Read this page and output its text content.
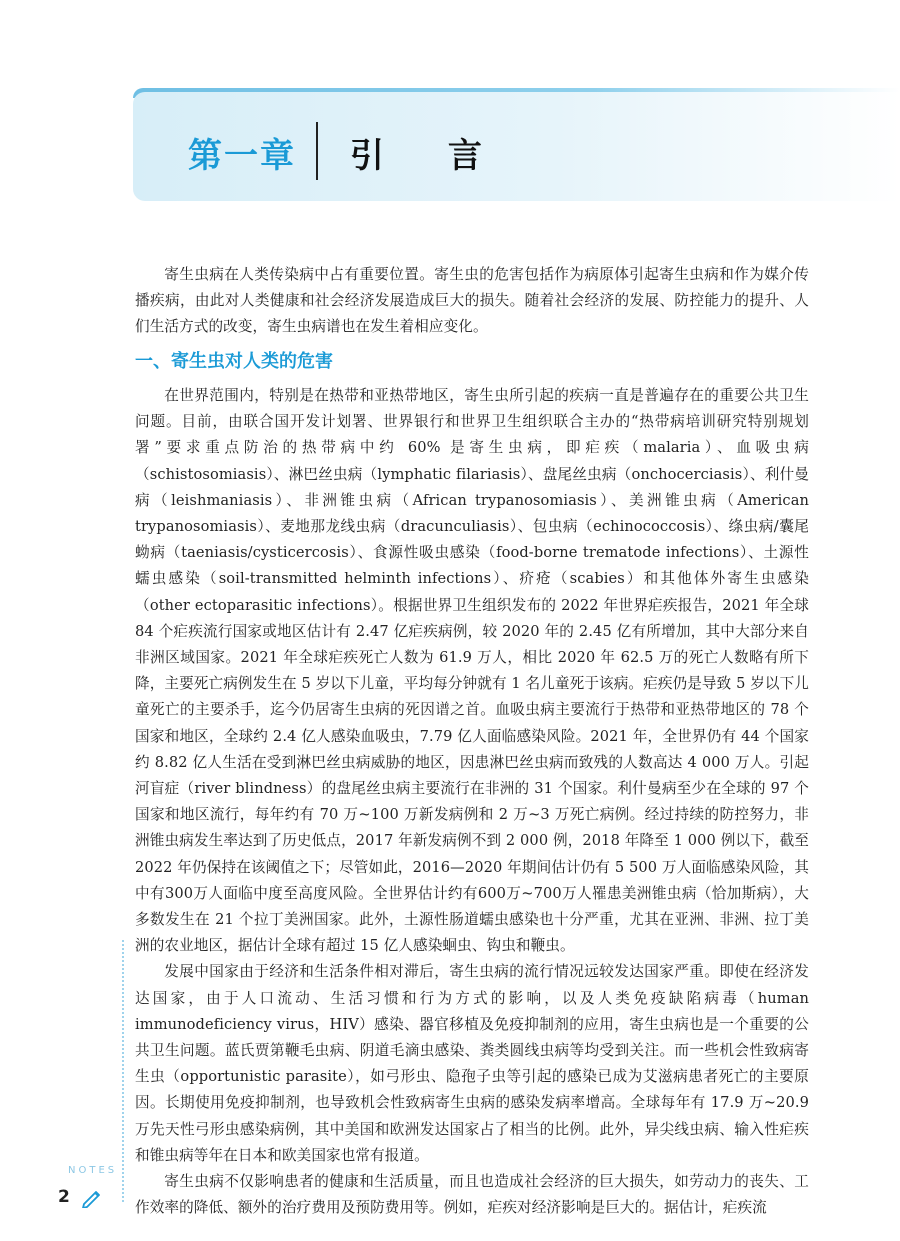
第一章 引 言

寄生虫病在人类传染病中占有重要位置。寄生虫的危害包括作为病原体引起寄生虫病和作为媒介传播疾病，由此对人类健康和社会经济发展造成巨大的损失。随着社会经济的发展、防控能力的提升、人们生活方式的改变，寄生虫病谱也在发生着相应变化。

一、寄生虫对人类的危害

在世界范围内，特别是在热带和亚热带地区，寄生虫所引起的疾病一直是普遍存在的重要公共卫生问题。目前，由联合国开发计划署、世界银行和世界卫生组织联合主办的“热带病培训研究特别规划署”要求重点防治的热带病中约 60% 是寄生虫病，即疟疾（malaria）、血吸虫病（schistosomiasis）、淋巴丝虫病（lymphatic filariasis）、盘尾丝虫病（onchocerciasis）、利什曼病（leishmaniasis）、非洲锥虫病（African trypanosomiasis）、美洲锥虫病（American trypanosomiasis）、麦地那龙线虫病（dracunculiasis）、包虫病（echinococcosis）、绦虫病/囊尾蚴病（taeniasis/cysticercosis）、食源性吸虫感染（food-borne trematode infections）、土源性蠕虫感染（soil-transmitted helminth infections）、疥疮（scabies）和其他体外寄生虫感染（other ectoparasitic infections）。根据世界卫生组织发布的 2022 年世界疟疾报告，2021 年全球 84 个疟疾流行国家或地区估计有 2.47 亿疟疾病例，较 2020 年的 2.45 亿有所增加，其中大部分来自非洲区域国家。2021 年全球疟疾死亡人数为 61.9 万人，相比 2020 年 62.5 万的死亡人数略有所下降，主要死亡病例发生在 5 岁以下儿童，平均每分钟就有 1 名儿童死于该病。疟疾仍是导致 5 岁以下儿童死亡的主要杀手，迄今仍居寄生虫病的死因谱之首。血吸虫病主要流行于热带和亚热带地区的 78 个国家和地区，全球约 2.4 亿人感染血吸虫，7.79 亿人面临感染风险。2021 年，全世界仍有 44 个国家约 8.82 亿人生活在受到淋巴丝虫病威胁的地区，因患淋巴丝虫病而致残的人数高达 4 000 万人。引起河盲症（river blindness）的盘尾丝虫病主要流行在非洲的 31 个国家。利什曼病至少在全球的 97 个国家和地区流行，每年约有 70 万~100 万新发病例和 2 万~3 万死亡病例。经过持续的防控努力，非洲锥虫病发生率达到了历史低点，2017 年新发病例不到 2 000 例，2018 年降至 1 000 例以下，截至 2022 年仍保持在该阈值之下；尽管如此，2016—2020 年期间估计仍有 5 500 万人面临感染风险，其中有300万人面临中度至高度风险。全世界估计约有600万~700万人罹患美洲锥虫病（恰加斯病），大多数发生在 21 个拉丁美洲国家。此外，土源性肠道蠕虫感染也十分严重，尤其在亚洲、非洲、拉丁美洲的农业地区，据估计全球有超过 15 亿人感染蛔虫、钩虫和鞭虫。

发展中国家由于经济和生活条件相对滞后，寄生虫病的流行情况远较发达国家严重。即使在经济发达国家，由于人口流动、生活习惯和行为方式的影响，以及人类免疫缺陷病毒（human immunodeficiency virus，HIV）感染、器官移植及免疫抑制剂的应用，寄生虫病也是一个重要的公共卫生问题。蓝氏贾第鞭毛虫病、阴道毛滴虫感染、粪类圆线虫病等均受到关注。而一些机会性致病寄生虫（opportunistic parasite），如弓形虫、隐孢子虫等引起的感染已成为艾滋病患者死亡的主要原因。长期使用免疫抑制剂，也导致机会性致病寄生虫病的感染发病率增高。全球每年有 17.9 万~20.9 万先天性弓形虫感染病例，其中美国和欧洲发达国家占了相当的比例。此外，异尖线虫病、输入性疟疾和锥虫病等年在日本和欧美国家也常有报道。

寄生虫病不仅影响患者的健康和生活质量，而且也造成社会经济的巨大损失，如劳动力的丧失、工作效率的降低、额外的治疗费用及预防费用等。例如，疟疾对经济影响是巨大的。据估计，疟疾流

NOTES
2
